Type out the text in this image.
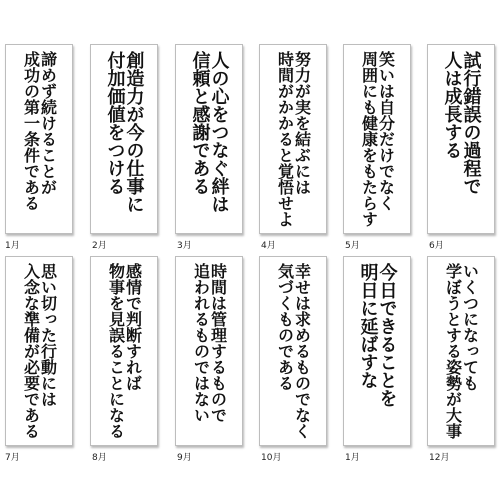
諦めず続けることが
成功の第一条件である
1月
創造力が今の仕事に
付加価値をつける
2月
人の心をつなぐ絆は
信頼と感謝である
3月
努力が実を結ぶには
時間がかかると覚悟せよ
4月
笑いは自分だけでなく
周囲にも健康をもたらす
5月
試行錯誤の過程で
人は成長する
6月
思い切った行動には
入念な準備が必要である
7月
感情で判断すれば
物事を見誤ることになる
8月
時間は管理するもので
追われるものではない
9月
幸せは求めるものでなく
気づくものである
10月
今日できることを
明日に延ばすな
1月
いくつになっても
学ぼうとする姿勢が大事
12月
